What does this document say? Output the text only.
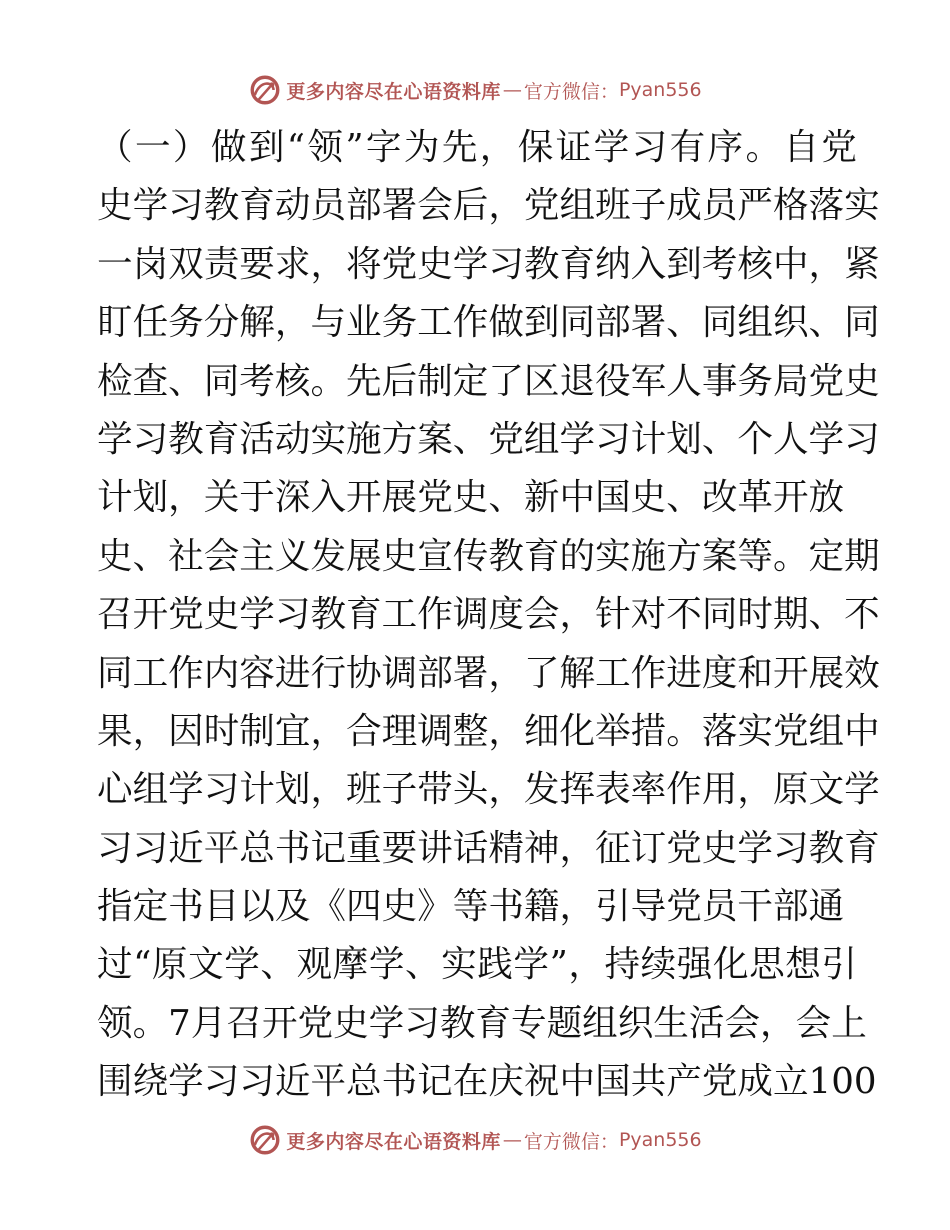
更多内容尽在心语资料库 — 官方微信： Pyan556
（一）做到“领”字为先，保证学习有序。自党
史学习教育动员部署会后，党组班子成员严格落实
一岗双责要求，将党史学习教育纳入到考核中，紧
盯任务分解，与业务工作做到同部署、同组织、同
检查、同考核。先后制定了区退役军人事务局党史
学习教育活动实施方案、党组学习计划、个人学习
计划，关于深入开展党史、新中国史、改革开放
史、社会主义发展史宣传教育的实施方案等。定期
召开党史学习教育工作调度会，针对不同时期、不
同工作内容进行协调部署，了解工作进度和开展效
果，因时制宜，合理调整，细化举措。落实党组中
心组学习计划，班子带头，发挥表率作用，原文学
习习近平总书记重要讲话精神，征订党史学习教育
指定书目以及《四史》等书籍，引导党员干部通
过“原文学、观摩学、实践学”，持续强化思想引
领。7月召开党史学习教育专题组织生活会，会上
围绕学习习近平总书记在庆祝中国共产党成立100
更多内容尽在心语资料库 — 官方微信： Pyan556
